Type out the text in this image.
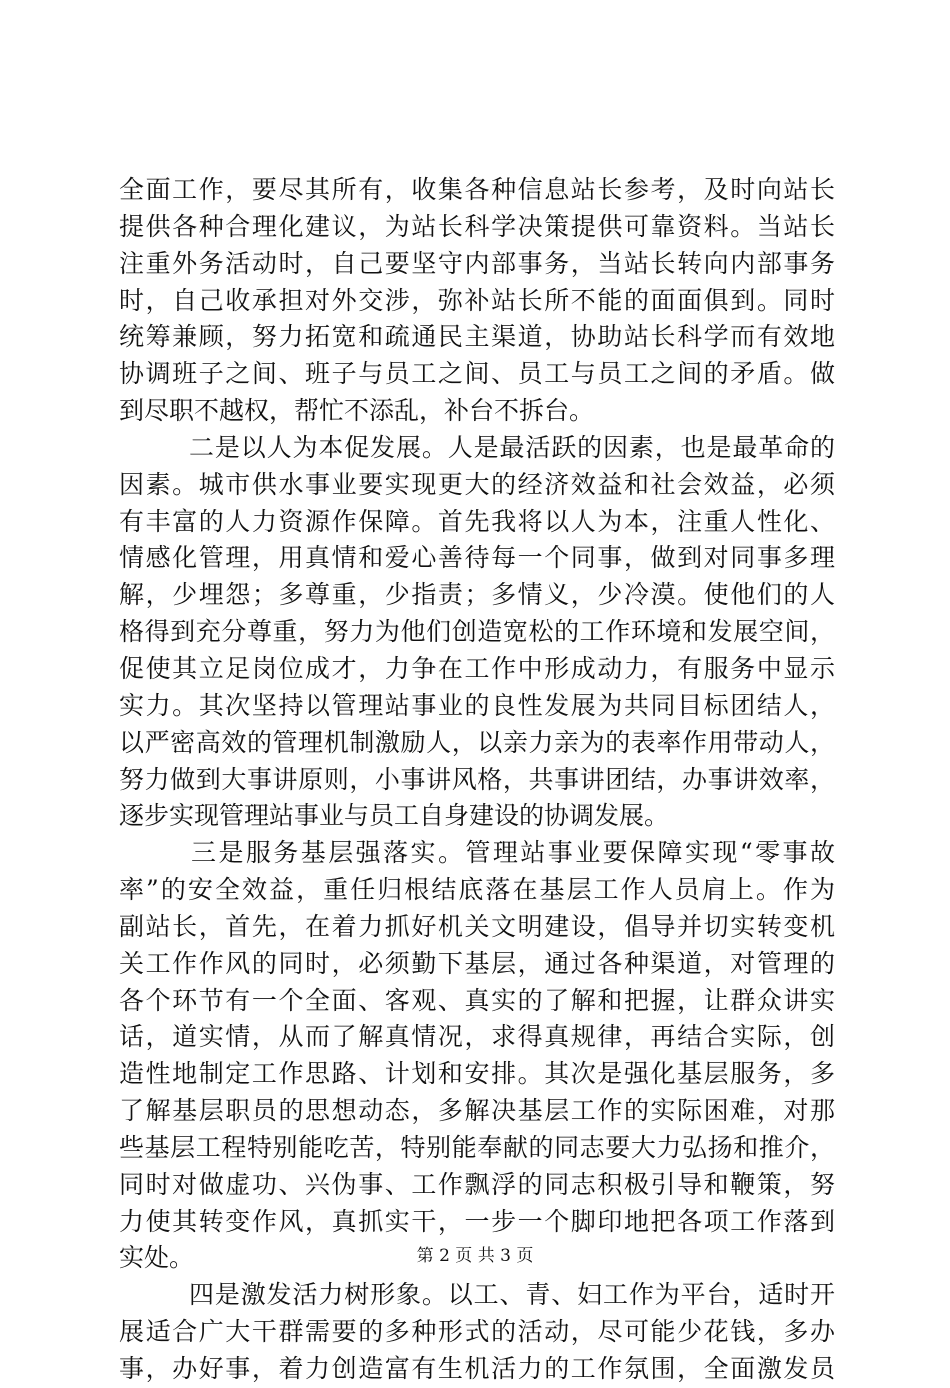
全面工作，要尽其所有，收集各种信息站长参考，及时向站长
提供各种合理化建议，为站长科学决策提供可靠资料。当站长
注重外务活动时，自己要坚守内部事务，当站长转向内部事务
时，自己收承担对外交涉，弥补站长所不能的面面俱到。同时
统筹兼顾，努力拓宽和疏通民主渠道，协助站长科学而有效地
协调班子之间、班子与员工之间、员工与员工之间的矛盾。做
到尽职不越权，帮忙不添乱，补台不拆台。
二是以人为本促发展。人是最活跃的因素，也是最革命的
因素。城市供水事业要实现更大的经济效益和社会效益，必须
有丰富的人力资源作保障。首先我将以人为本，注重人性化、
情感化管理，用真情和爱心善待每一个同事，做到对同事多理
解，少埋怨；多尊重，少指责；多情义，少冷漠。使他们的人
格得到充分尊重，努力为他们创造宽松的工作环境和发展空间，
促使其立足岗位成才，力争在工作中形成动力，有服务中显示
实力。其次坚持以管理站事业的良性发展为共同目标团结人，
以严密高效的管理机制激励人，以亲力亲为的表率作用带动人，
努力做到大事讲原则，小事讲风格，共事讲团结，办事讲效率，
逐步实现管理站事业与员工自身建设的协调发展。
三是服务基层强落实。管理站事业要保障实现“零事故
率”的安全效益，重任归根结底落在基层工作人员肩上。作为
副站长，首先，在着力抓好机关文明建设，倡导并切实转变机
关工作作风的同时，必须勤下基层，通过各种渠道，对管理的
各个环节有一个全面、客观、真实的了解和把握，让群众讲实
话，道实情，从而了解真情况，求得真规律，再结合实际，创
造性地制定工作思路、计划和安排。其次是强化基层服务，多
了解基层职员的思想动态，多解决基层工作的实际困难，对那
些基层工程特别能吃苦，特别能奉献的同志要大力弘扬和推介，
同时对做虚功、兴伪事、工作飘浮的同志积极引导和鞭策，努
力使其转变作风，真抓实干，一步一个脚印地把各项工作落到
实处。
四是激发活力树形象。以工、青、妇工作为平台，适时开
展适合广大干群需要的多种形式的活动，尽可能少花钱，多办
事，办好事，着力创造富有生机活力的工作氛围，全面激发员
第 2 页 共 3 页
